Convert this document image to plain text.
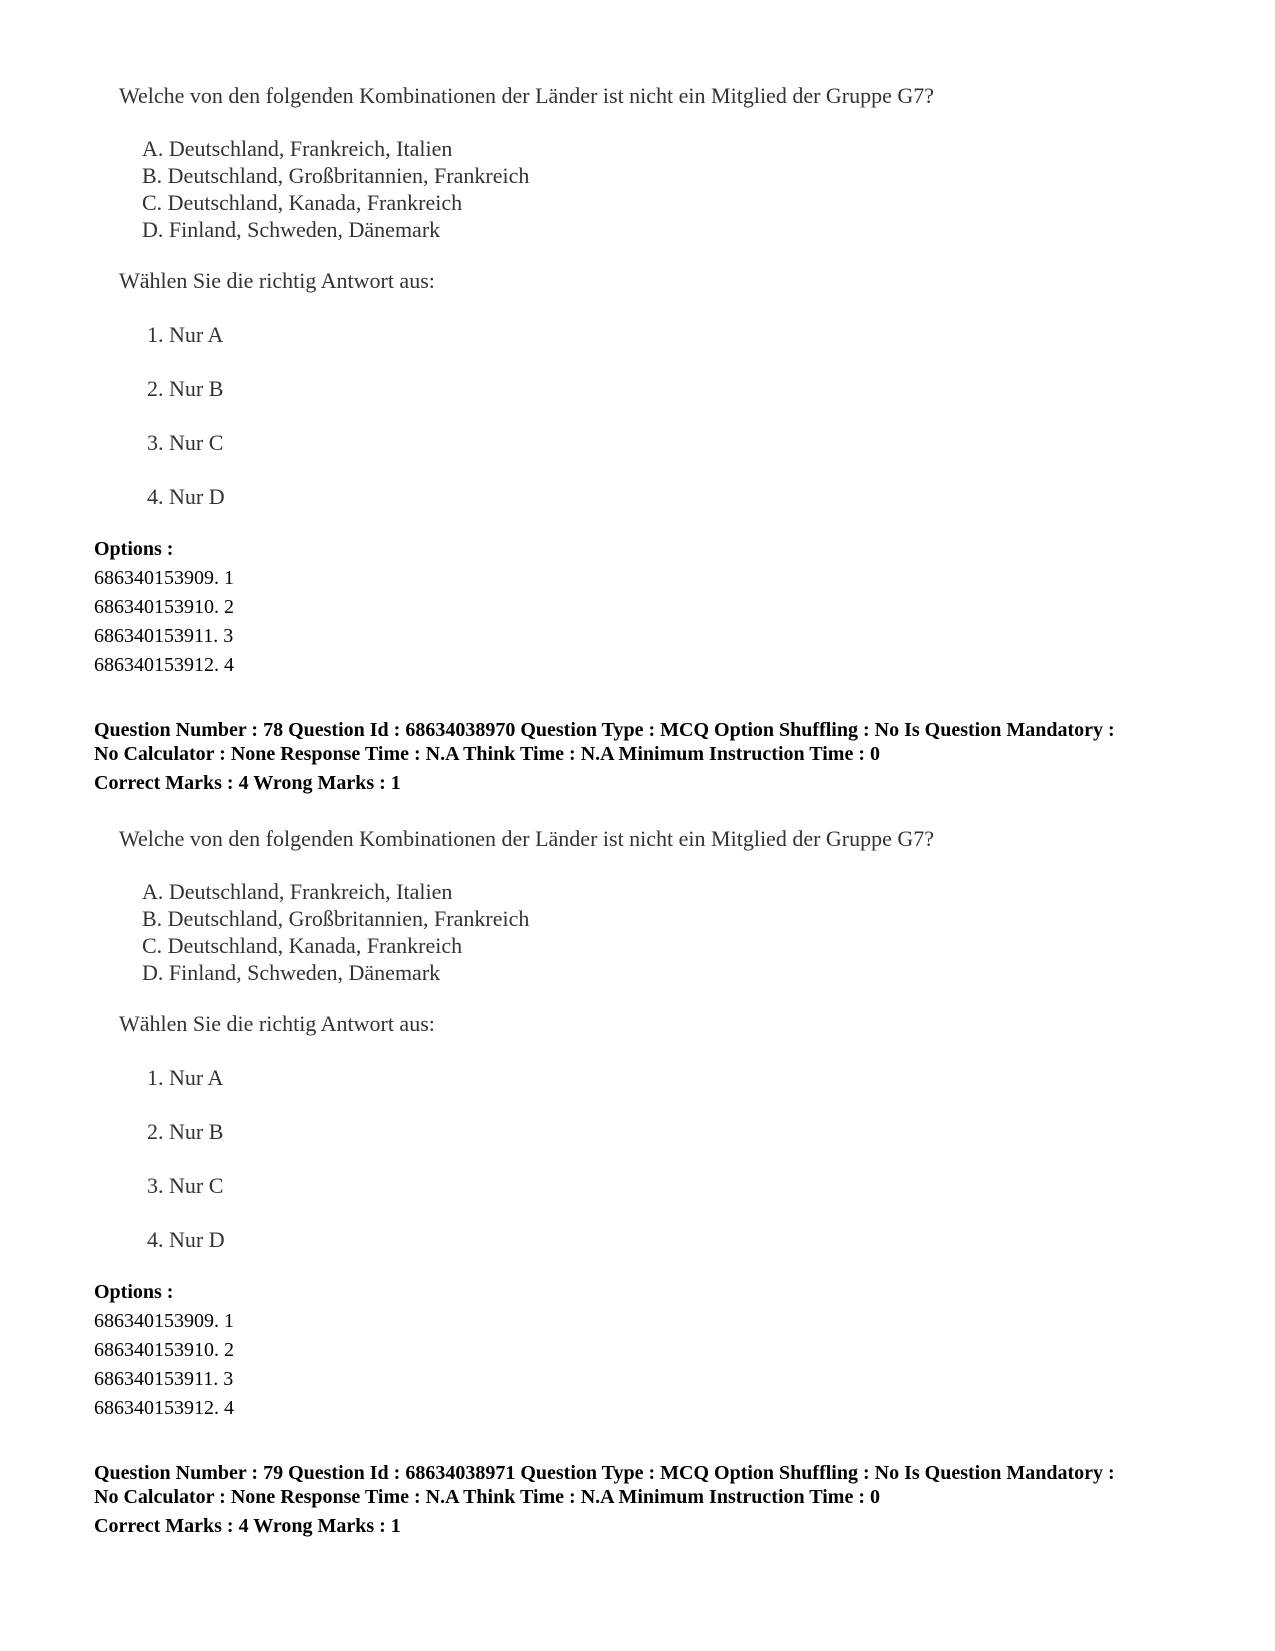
Welche von den folgenden Kombinationen der Länder ist nicht ein Mitglied der Gruppe G7?
A. Deutschland, Frankreich, Italien
B. Deutschland, Großbritannien, Frankreich
C. Deutschland, Kanada, Frankreich
D. Finland, Schweden, Dänemark
Wählen Sie die richtig Antwort aus:
1. Nur A
2. Nur B
3. Nur C
4. Nur D
Options :
686340153909. 1
686340153910. 2
686340153911. 3
686340153912. 4
Question Number : 78 Question Id : 68634038970 Question Type : MCQ Option Shuffling : No Is Question Mandatory :
No Calculator : None Response Time : N.A Think Time : N.A Minimum Instruction Time : 0
Correct Marks : 4 Wrong Marks : 1
Welche von den folgenden Kombinationen der Länder ist nicht ein Mitglied der Gruppe G7?
A. Deutschland, Frankreich, Italien
B. Deutschland, Großbritannien, Frankreich
C. Deutschland, Kanada, Frankreich
D. Finland, Schweden, Dänemark
Wählen Sie die richtig Antwort aus:
1. Nur A
2. Nur B
3. Nur C
4. Nur D
Options :
686340153909. 1
686340153910. 2
686340153911. 3
686340153912. 4
Question Number : 79 Question Id : 68634038971 Question Type : MCQ Option Shuffling : No Is Question Mandatory :
No Calculator : None Response Time : N.A Think Time : N.A Minimum Instruction Time : 0
Correct Marks : 4 Wrong Marks : 1
